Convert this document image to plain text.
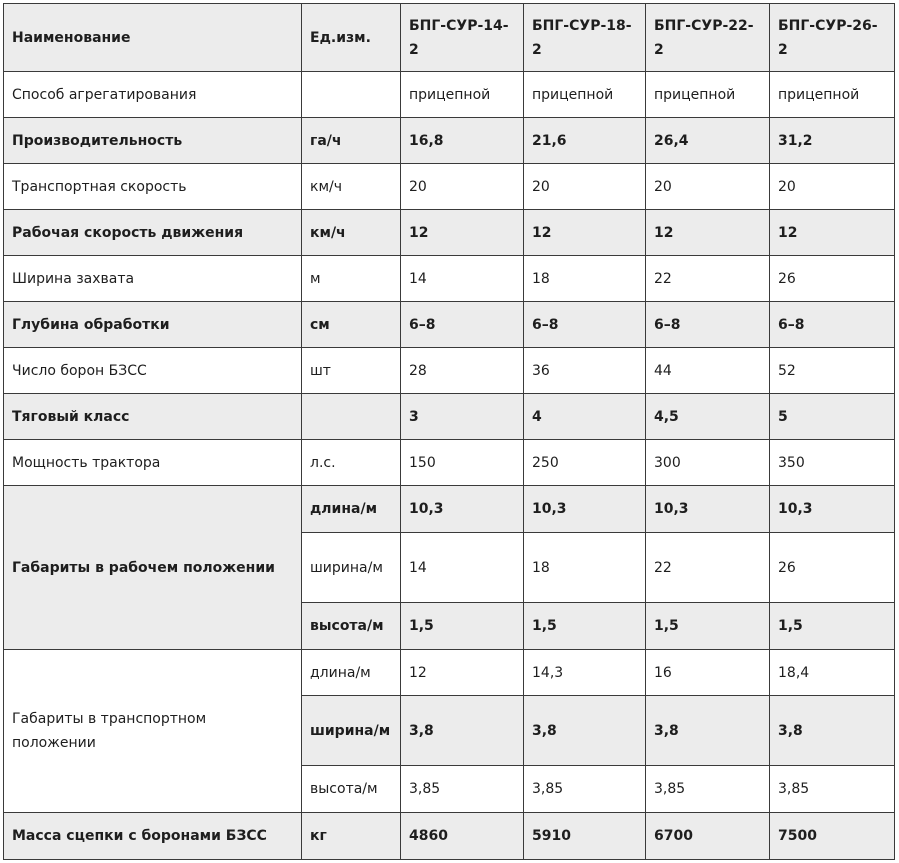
Наименование	Ед.изм.	БПГ-СУР-14-2	БПГ-СУР-18-2	БПГ-СУР-22-2	БПГ-СУР-26-2
Способ агрегатирования		прицепной	прицепной	прицепной	прицепной
Производительность	га/ч	16,8	21,6	26,4	31,2
Транспортная скорость	км/ч	20	20	20	20
Рабочая скорость движения	км/ч	12	12	12	12
Ширина захвата	м	14	18	22	26
Глубина обработки	см	6–8	6–8	6–8	6–8
Число борон БЗСС	шт	28	36	44	52
Тяговый класс		3	4	4,5	5
Мощность трактора	л.с.	150	250	300	350
Габариты в рабочем положении	длина/м	10,3	10,3	10,3	10,3
	ширина/м	14	18	22	26
	высота/м	1,5	1,5	1,5	1,5
Габариты в транспортном положении	длина/м	12	14,3	16	18,4
	ширина/м	3,8	3,8	3,8	3,8
	высота/м	3,85	3,85	3,85	3,85
Масса сцепки с боронами БЗСС	кг	4860	5910	6700	7500
